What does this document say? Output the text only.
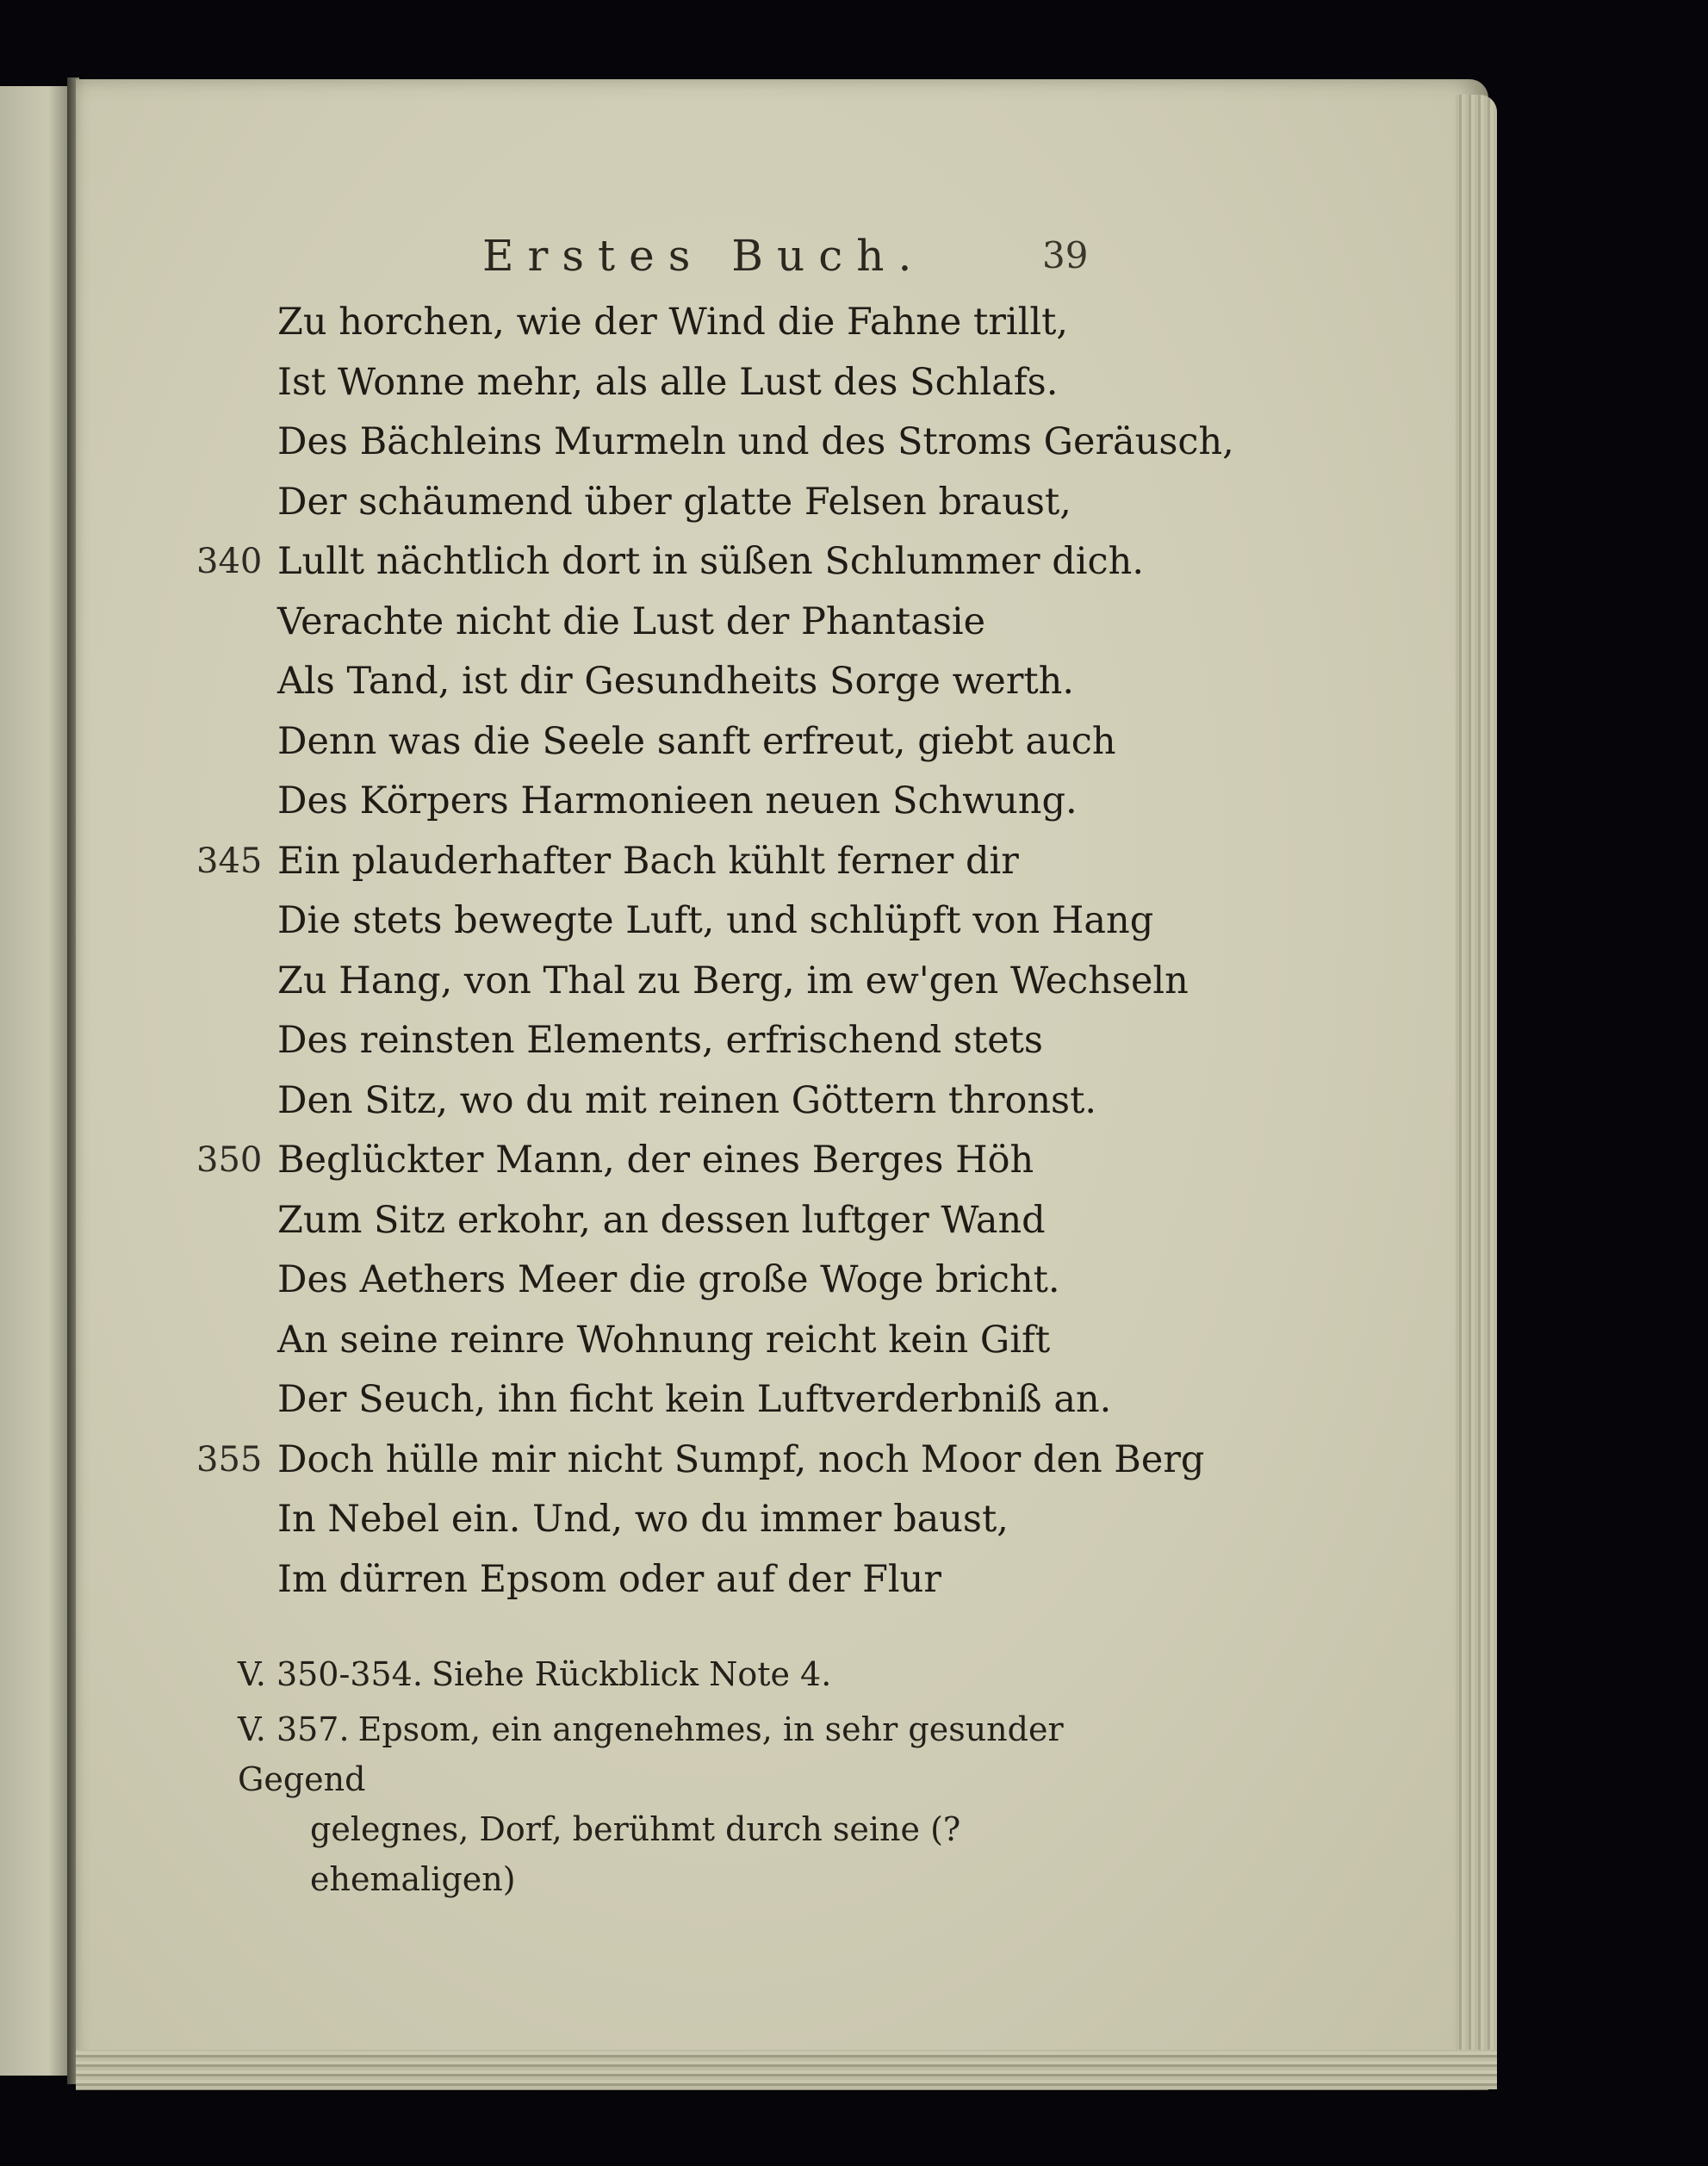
Erstes Buch.	39
Zu horchen, wie der Wind die Fahne trillt,
Ist Wonne mehr, als alle Lust des Schlafs.
Des Bächleins Murmeln und des Stroms Geräusch,
Der schäumend über glatte Felsen braust,
340 Lullt nächtlich dort in süßen Schlummer dich.
Verachte nicht die Lust der Phantasie
Als Tand, ist dir Gesundheits Sorge werth.
Denn was die Seele sanft erfreut, giebt auch
Des Körpers Harmonieen neuen Schwung.
345 Ein plauderhafter Bach kühlt ferner dir
Die stets bewegte Luft, und schlüpft von Hang
Zu Hang, von Thal zu Berg, im ew'gen Wechseln
Des reinsten Elements, erfrischend stets
Den Sitz, wo du mit reinen Göttern thronst.
350 Beglückter Mann, der eines Berges Höh
Zum Sitz erkohr, an dessen luftger Wand
Des Aethers Meer die große Woge bricht.
An seine reinre Wohnung reicht kein Gift
Der Seuch, ihn ficht kein Luftverderbniß an.
355 Doch hülle mir nicht Sumpf, noch Moor den Berg
In Nebel ein. Und, wo du immer baust,
Im dürren Epsom oder auf der Flur
V. 350-354. Siehe Rückblick Note 4.
V. 357. Epsom, ein angenehmes, in sehr gesunder Gegend
gelegnes, Dorf, berühmt durch seine (?ehemaligen)
